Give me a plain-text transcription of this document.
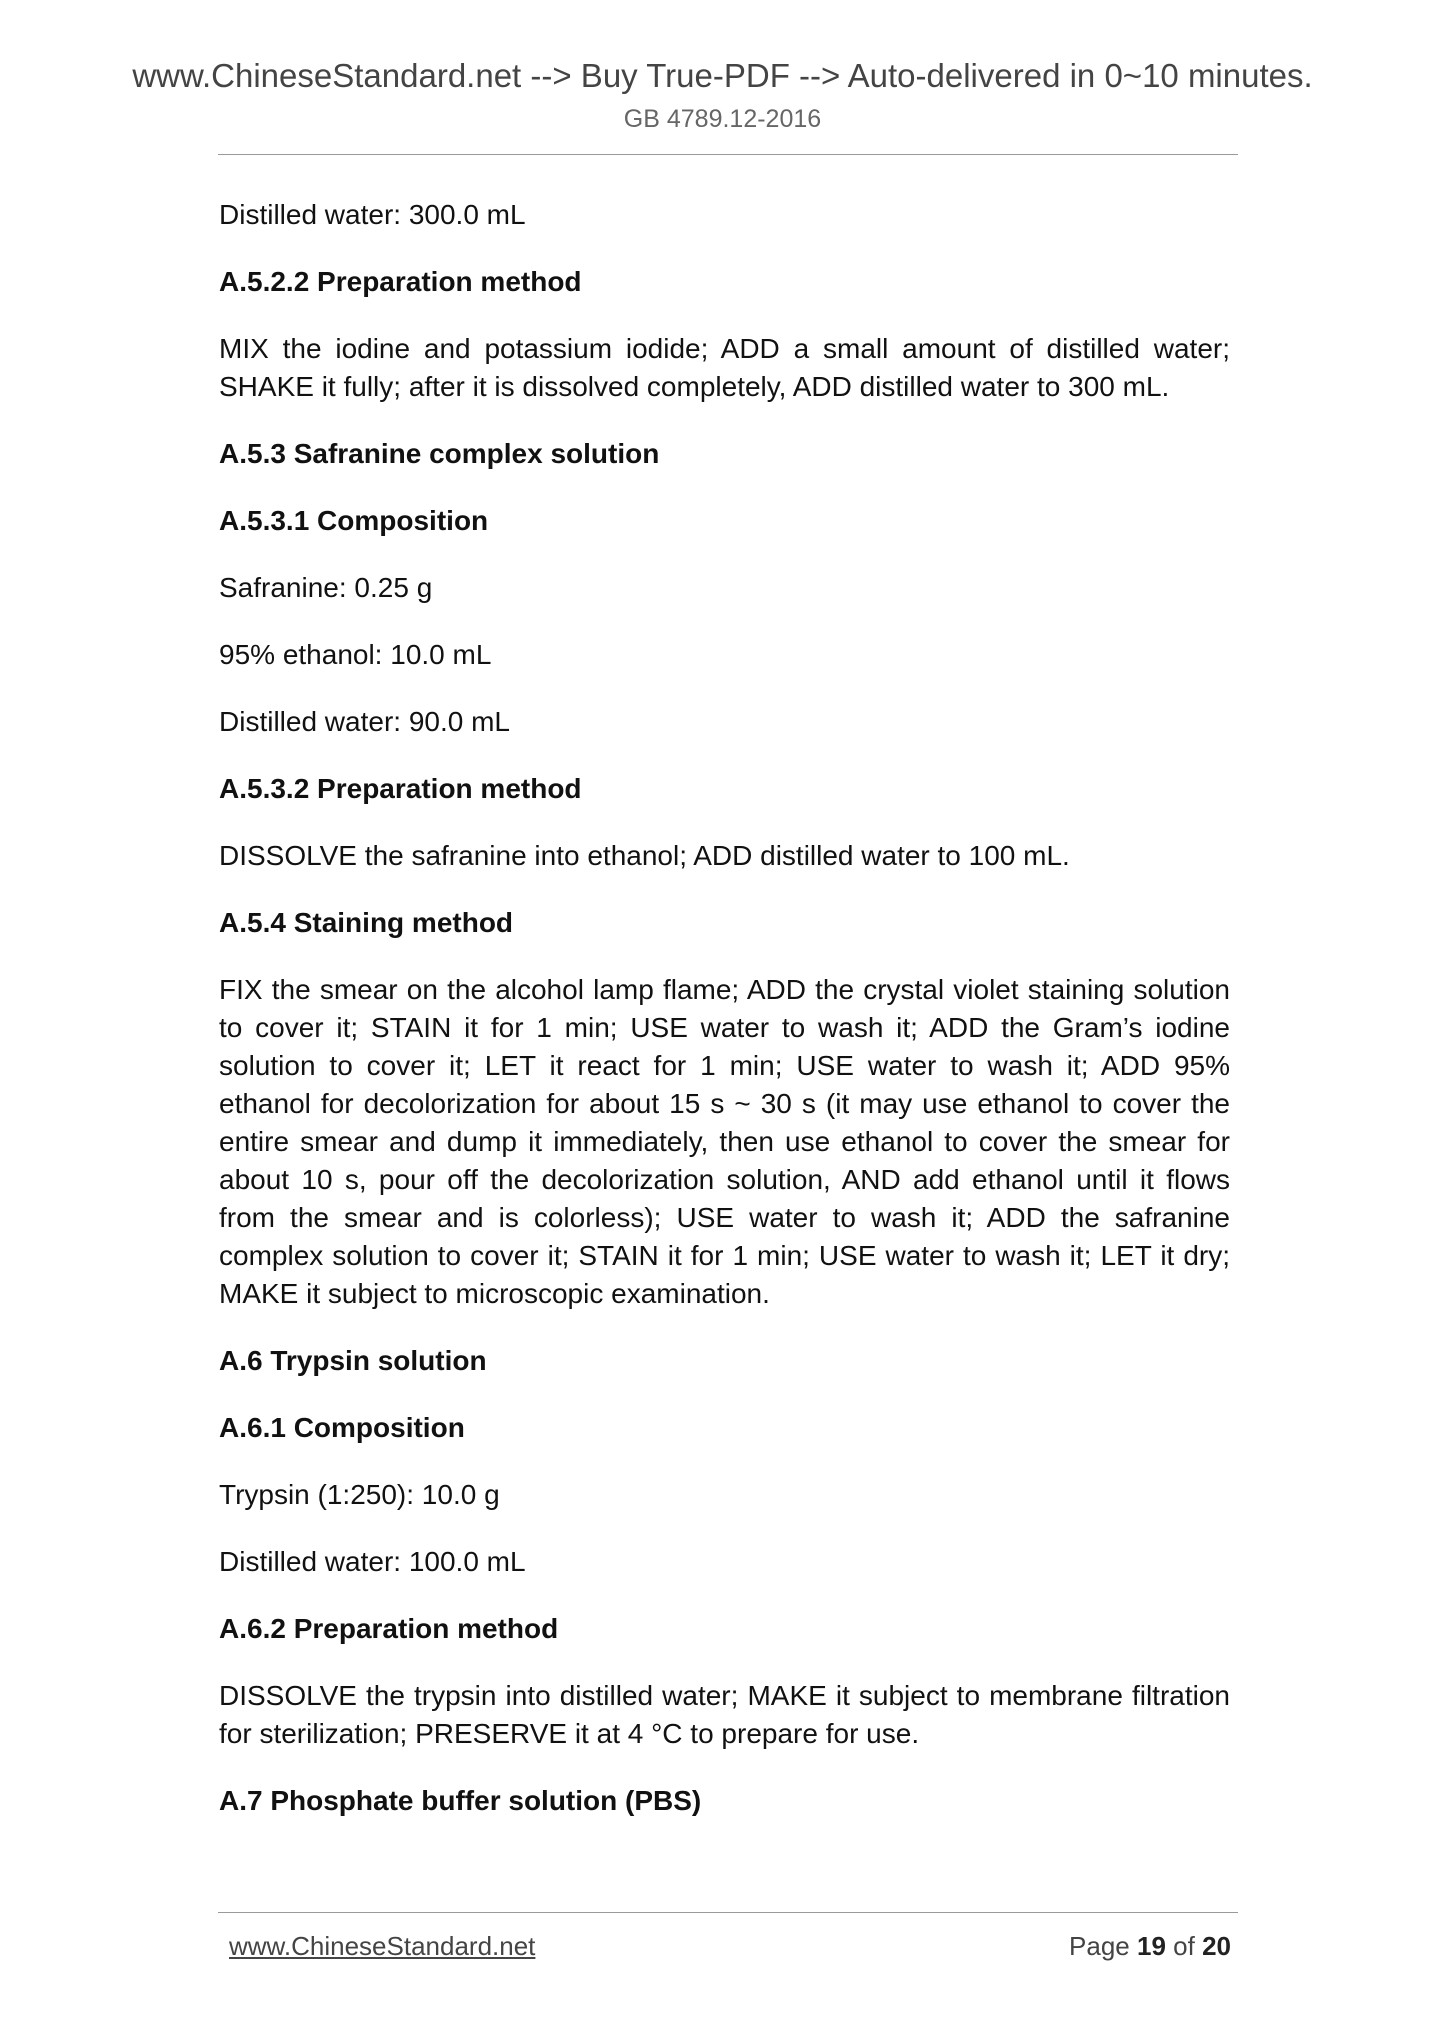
www.ChineseStandard.net --> Buy True-PDF --> Auto-delivered in 0~10 minutes.
GB 4789.12-2016

Distilled water: 300.0 mL

A.5.2.2 Preparation method

MIX the iodine and potassium iodide; ADD a small amount of distilled water; SHAKE it fully; after it is dissolved completely, ADD distilled water to 300 mL.

A.5.3 Safranine complex solution

A.5.3.1 Composition

Safranine: 0.25 g

95% ethanol: 10.0 mL

Distilled water: 90.0 mL

A.5.3.2 Preparation method

DISSOLVE the safranine into ethanol; ADD distilled water to 100 mL.

A.5.4 Staining method

FIX the smear on the alcohol lamp flame; ADD the crystal violet staining solution to cover it; STAIN it for 1 min; USE water to wash it; ADD the Gram’s iodine solution to cover it; LET it react for 1 min; USE water to wash it; ADD 95% ethanol for decolorization for about 15 s ~ 30 s (it may use ethanol to cover the entire smear and dump it immediately, then use ethanol to cover the smear for about 10 s, pour off the decolorization solution, AND add ethanol until it flows from the smear and is colorless); USE water to wash it; ADD the safranine complex solution to cover it; STAIN it for 1 min; USE water to wash it; LET it dry; MAKE it subject to microscopic examination.

A.6 Trypsin solution

A.6.1 Composition

Trypsin (1:250): 10.0 g

Distilled water: 100.0 mL

A.6.2 Preparation method

DISSOLVE the trypsin into distilled water; MAKE it subject to membrane filtration for sterilization; PRESERVE it at 4 °C to prepare for use.

A.7 Phosphate buffer solution (PBS)

www.ChineseStandard.net	Page 19 of 20
